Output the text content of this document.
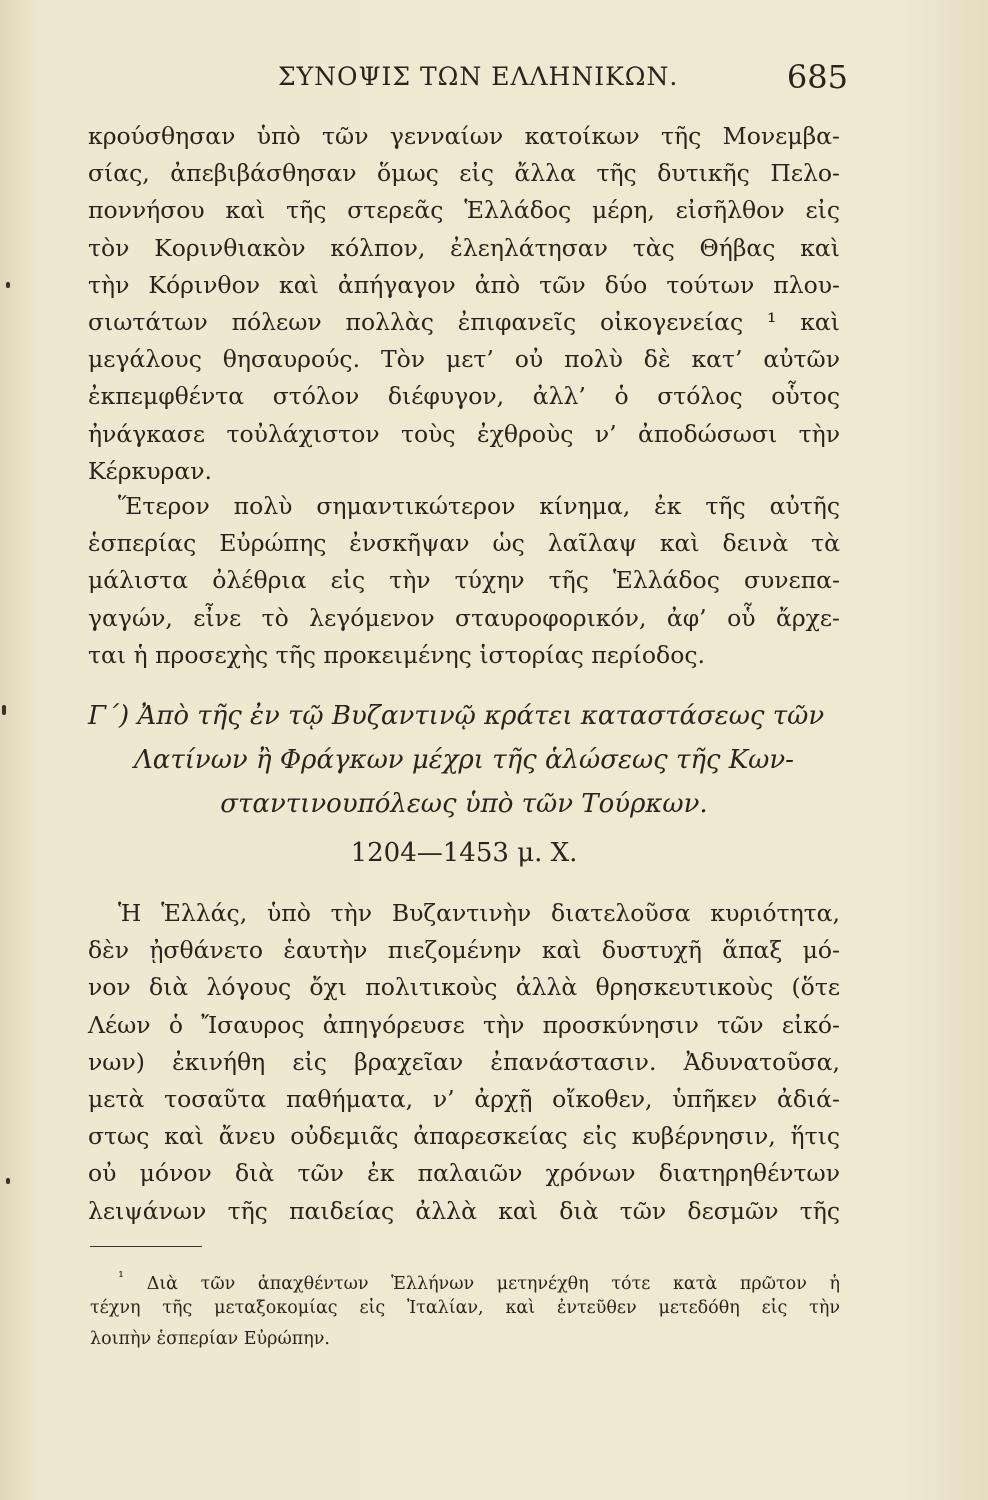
ΣΥΝΟΨΙΣ ΤΩΝ ΕΛΛΗΝΙΚΩΝ.	685
κρούσθησαν ὑπὸ τῶν γενναίων κατοίκων τῆς Μονεμβα-
σίας, ἀπεβιβάσθησαν ὅμως εἰς ἄλλα τῆς δυτικῆς Πελο-
ποννήσου καὶ τῆς στερεᾶς Ἑλλάδος μέρη, εἰσῆλθον εἰς
τὸν Κορινθιακὸν κόλπον, ἐλεηλάτησαν τὰς Θήβας καὶ
τὴν Κόρινθον καὶ ἀπήγαγον ἀπὸ τῶν δύο τούτων πλου-
σιωτάτων πόλεων πολλὰς ἐπιφανεῖς οἰκογενείας ¹ καὶ
μεγάλους θησαυρούς. Τὸν μετ’ οὐ πολὺ δὲ κατ’ αὐτῶν
ἐκπεμφθέντα στόλον διέφυγον, ἀλλ’ ὁ στόλος οὗτος
ἠνάγκασε τοὐλάχιστον τοὺς ἐχθροὺς ν’ ἀποδώσωσι τὴν
Κέρκυραν.
Ἕτερον πολὺ σημαντικώτερον κίνημα, ἐκ τῆς αὐτῆς
ἑσπερίας Εὐρώπης ἐνσκῆψαν ὡς λαῖλαψ καὶ δεινὰ τὰ
μάλιστα ὀλέθρια εἰς τὴν τύχην τῆς Ἑλλάδος συνεπα-
γαγών, εἶνε τὸ λεγόμενον σταυροφορικόν, ἀφ’ οὗ ἄρχε-
ται ἡ προσεχὴς τῆς προκειμένης ἱστορίας περίοδος.
Γ΄) Ἀπὸ τῆς ἐν τῷ Βυζαντινῷ κράτει καταστάσεως τῶν
Λατίνων ἢ Φράγκων μέχρι τῆς ἁλώσεως τῆς Κων-
σταντινουπόλεως ὑπὸ τῶν Τούρκων.
1204—1453 μ. Χ.
Ἡ Ἑλλάς, ὑπὸ τὴν Βυζαντινὴν διατελοῦσα κυριότητα,
δὲν ᾐσθάνετο ἑαυτὴν πιεζομένην καὶ δυστυχῆ ἅπαξ μό-
νον διὰ λόγους ὄχι πολιτικοὺς ἀλλὰ θρησκευτικοὺς (ὅτε
Λέων ὁ Ἴσαυρος ἀπηγόρευσε τὴν προσκύνησιν τῶν εἰκό-
νων) ἐκινήθη εἰς βραχεῖαν ἐπανάστασιν. Ἀδυνατοῦσα,
μετὰ τοσαῦτα παθήματα, ν’ ἀρχῇ οἴκοθεν, ὑπῆκεν ἀδιά-
στως καὶ ἄνευ οὐδεμιᾶς ἀπαρεσκείας εἰς κυβέρνησιν, ἥτις
οὐ μόνον διὰ τῶν ἐκ παλαιῶν χρόνων διατηρηθέντων
λειψάνων τῆς παιδείας ἀλλὰ καὶ διὰ τῶν δεσμῶν τῆς
¹ Διὰ τῶν ἀπαχθέντων Ἑλλήνων μετηνέχθη τότε κατὰ πρῶτον ἡ
τέχνη τῆς μεταξοκομίας εἰς Ἰταλίαν, καὶ ἐντεῦθεν μετεδόθη εἰς τὴν
λοιπὴν ἑσπερίαν Εὐρώπην.
